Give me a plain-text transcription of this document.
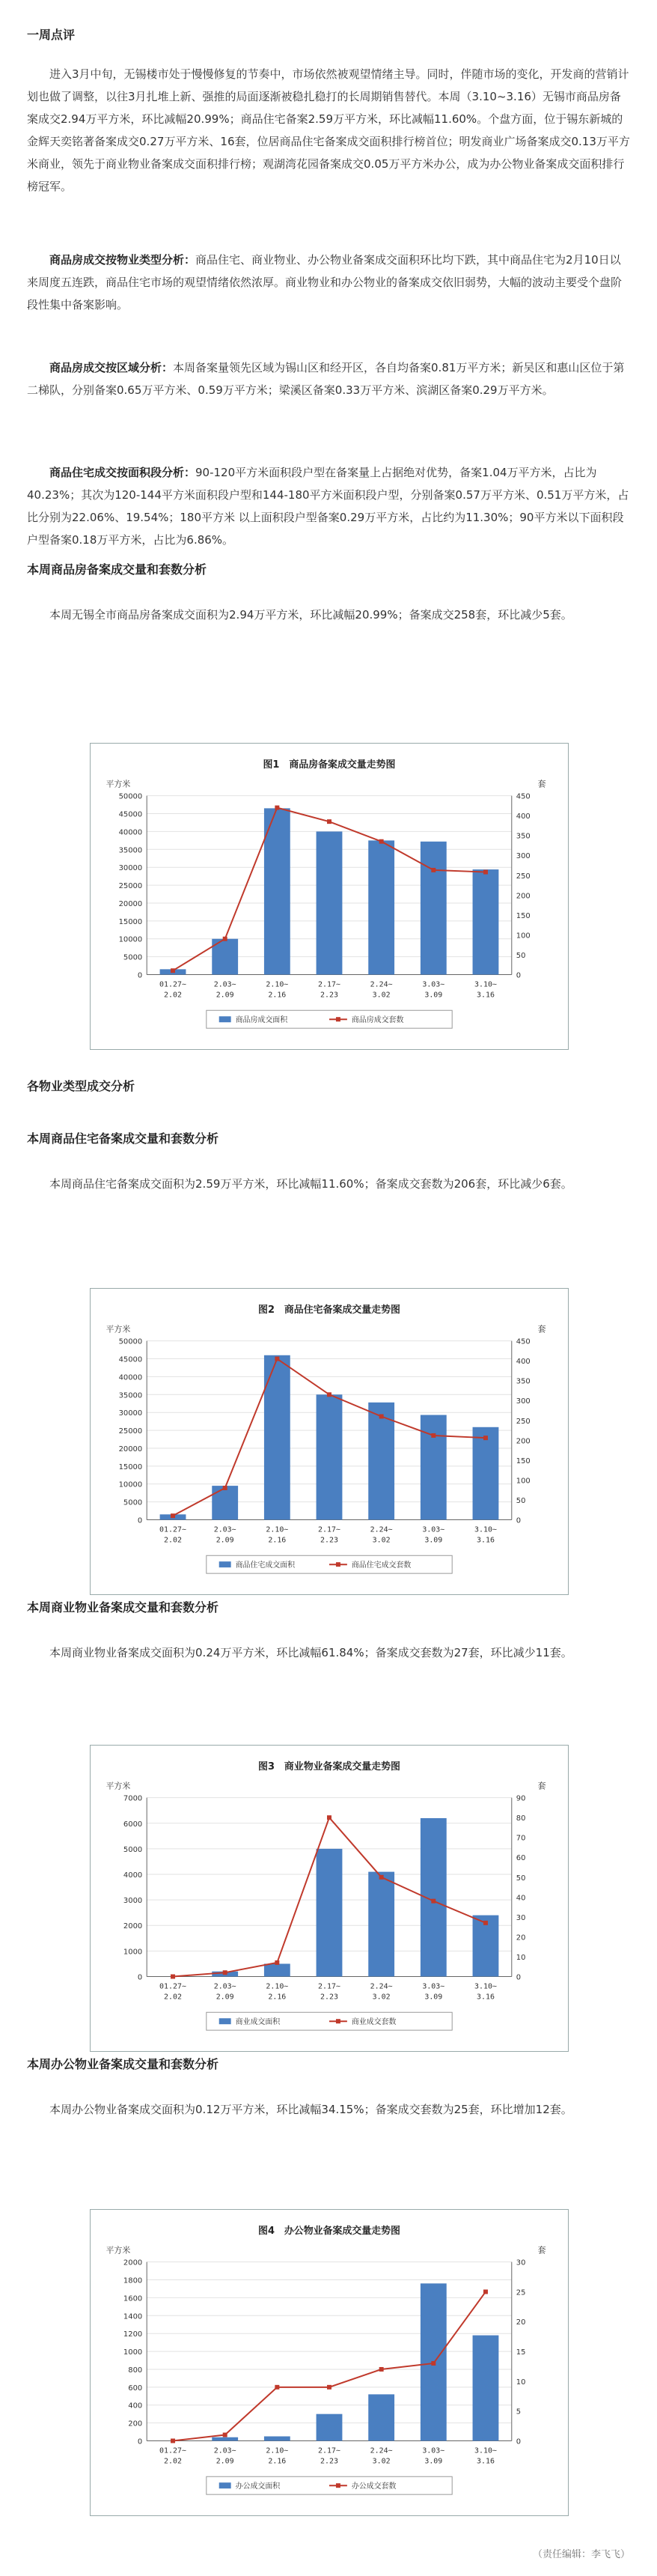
一周点评

进入3月中旬，无锡楼市处于慢慢修复的节奏中，市场依然被观望情绪主导。同时，伴随市场的变化，开发商的营销计划也做了调整，以往3月扎堆上新、强推的局面逐渐被稳扎稳打的长周期销售替代。本周（3.10~3.16）无锡市商品房备案成交2.94万平方米，环比减幅20.99%；商品住宅备案2.59万平方米，环比减幅11.60%。个盘方面，位于锡东新城的金辉天奕铭著备案成交0.27万平方米、16套，位居商品住宅备案成交面积排行榜首位；明发商业广场备案成交0.13万平方米商业，领先于商业物业备案成交面积排行榜；观湖湾花园备案成交0.05万平方米办公，成为办公物业备案成交面积排行榜冠军。

商品房成交按物业类型分析：商品住宅、商业物业、办公物业备案成交面积环比均下跌，其中商品住宅为2月10日以来周度五连跌，商品住宅市场的观望情绪依然浓厚。商业物业和办公物业的备案成交依旧弱势，大幅的波动主要受个盘阶段性集中备案影响。

商品房成交按区域分析：本周备案量领先区域为锡山区和经开区，各自均备案0.81万平方米；新吴区和惠山区位于第二梯队，分别备案0.65万平方米、0.59万平方米；梁溪区备案0.33万平方米、滨湖区备案0.29万平方米。

商品住宅成交按面积段分析：90-120平方米面积段户型在备案量上占据绝对优势，备案1.04万平方米，占比为40.23%；其次为120-144平方米面积段户型和144-180平方米面积段户型，分别备案0.57万平方米、0.51万平方米，占比分别为22.06%、19.54%；180平方米 以上面积段户型备案0.29万平方米，占比约为11.30%；90平方米以下面积段户型备案0.18万平方米，占比为6.86%。

本周商品房备案成交量和套数分析

本周无锡全市商品房备案成交面积为2.94万平方米，环比减幅20.99%；备案成交258套，环比减少5套。

图1　商品房备案成交量走势图
平方米	套
0
5000
10000
15000
20000
25000
30000
35000
40000
45000
50000
0
50
100
150
200
250
300
350
400
450
01.27~
2.02
2.03~
2.09
2.10~
2.16
2.17~
2.23
2.24~
3.02
3.03~
3.09
3.10~
3.16
商品房成交面积	商品房成交套数
各物业类型成交分析
本周商品住宅备案成交量和套数分析

本周商品住宅备案成交面积为2.59万平方米，环比减幅11.60%；备案成交套数为206套，环比减少6套。

图2　商品住宅备案成交量走势图
平方米	套
0
5000
10000
15000
20000
25000
30000
35000
40000
45000
50000
0
50
100
150
200
250
300
350
400
450
01.27~
2.02
2.03~
2.09
2.10~
2.16
2.17~
2.23
2.24~
3.02
3.03~
3.09
3.10~
3.16
商品住宅成交面积	商品住宅成交套数
本周商业物业备案成交量和套数分析

本周商业物业备案成交面积为0.24万平方米，环比减幅61.84%；备案成交套数为27套，环比减少11套。

图3　商业物业备案成交量走势图
平方米	套
0
1000
2000
3000
4000
5000
6000
7000
0
10
20
30
40
50
60
70
80
90
01.27~
2.02
2.03~
2.09
2.10~
2.16
2.17~
2.23
2.24~
3.02
3.03~
3.09
3.10~
3.16
商业成交面积	商业成交套数
本周办公物业备案成交量和套数分析

本周办公物业备案成交面积为0.12万平方米，环比减幅34.15%；备案成交套数为25套，环比增加12套。

图4　办公物业备案成交量走势图
平方米	套
0
200
400
600
800
1000
1200
1400
1600
1800
2000
0
5
10
15
20
25
30
01.27~
2.02
2.03~
2.09
2.10~
2.16
2.17~
2.23
2.24~
3.02
3.03~
3.09
3.10~
3.16
办公成交面积	办公成交套数
（责任编辑：李飞飞）
